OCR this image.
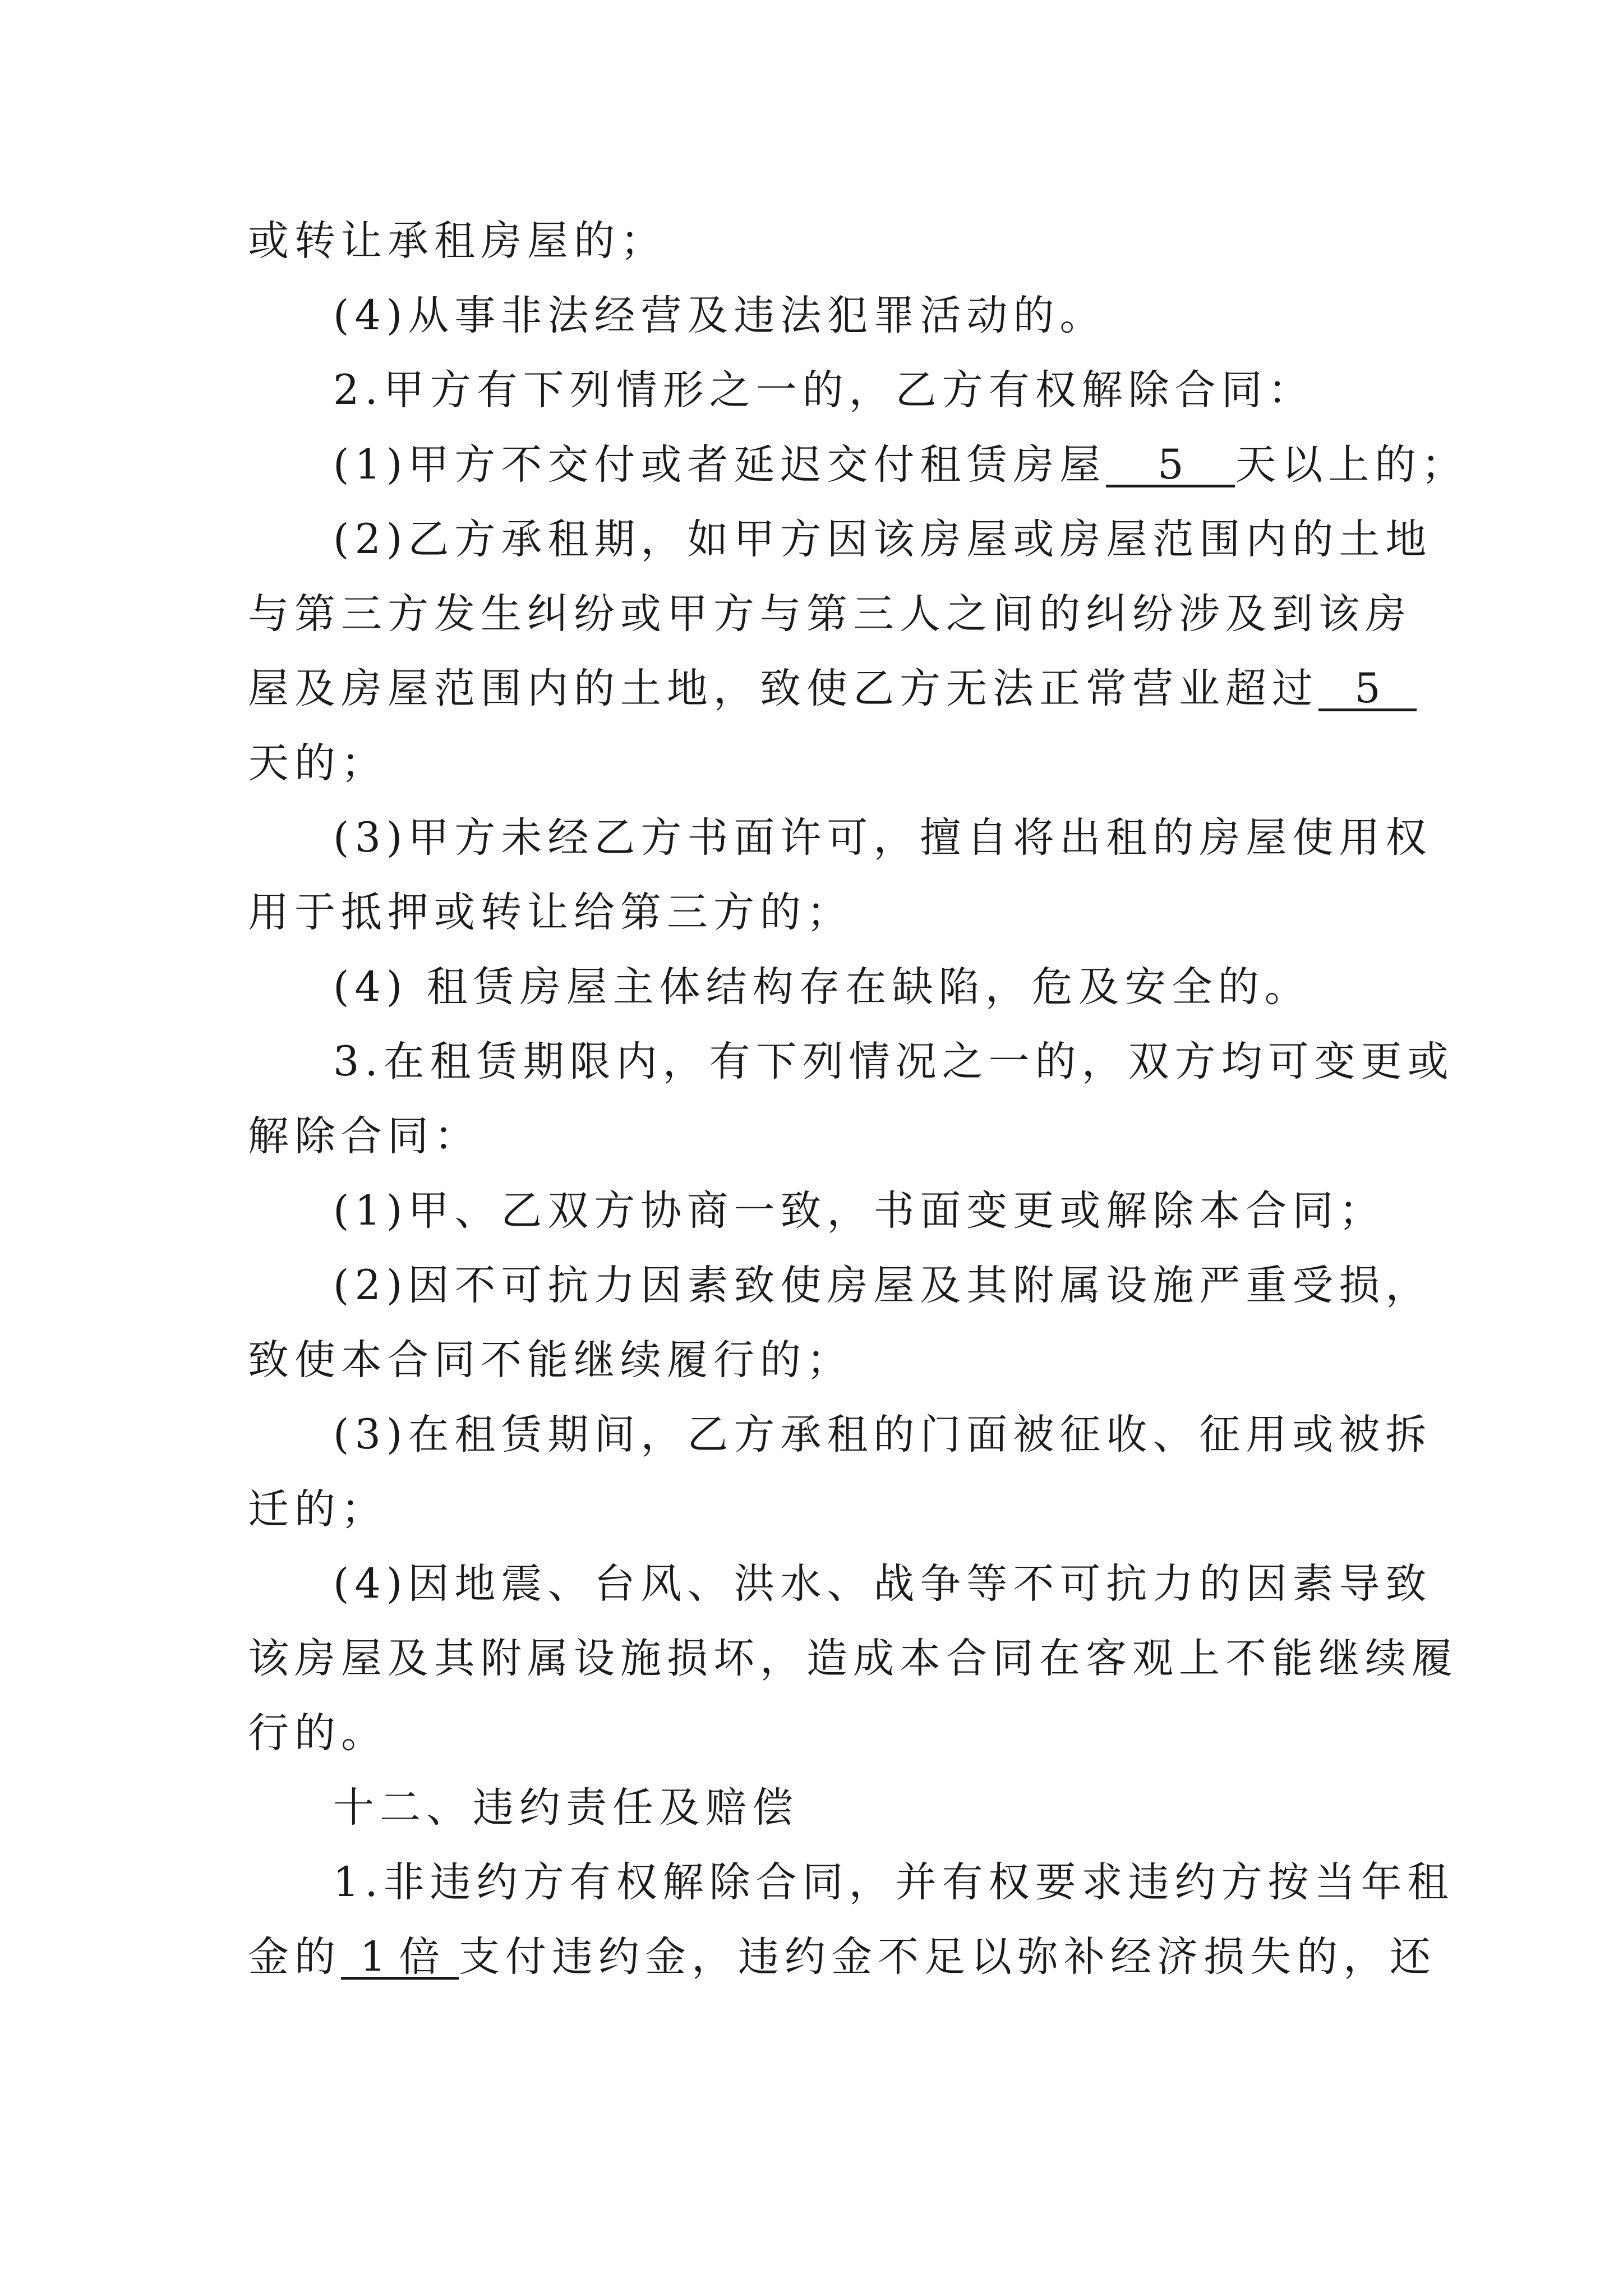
或转让承租房屋的；
(4)从事非法经营及违法犯罪活动的。
2.甲方有下列情形之一的，乙方有权解除合同：
(1)甲方不交付或者延迟交付租赁房屋 5 天以上的；
(2)乙方承租期，如甲方因该房屋或房屋范围内的土地
与第三方发生纠纷或甲方与第三人之间的纠纷涉及到该房
屋及房屋范围内的土地，致使乙方无法正常营业超过 5
天的；
(3)甲方未经乙方书面许可，擅自将出租的房屋使用权
用于抵押或转让给第三方的；
(4) 租赁房屋主体结构存在缺陷，危及安全的。
3.在租赁期限内，有下列情况之一的，双方均可变更或
解除合同：
(1)甲、乙双方协商一致，书面变更或解除本合同；
(2)因不可抗力因素致使房屋及其附属设施严重受损，
致使本合同不能继续履行的；
(3)在租赁期间，乙方承租的门面被征收、征用或被拆
迁的；
(4)因地震、台风、洪水、战争等不可抗力的因素导致
该房屋及其附属设施损坏，造成本合同在客观上不能继续履
行的。
十二、违约责任及赔偿
1.非违约方有权解除合同，并有权要求违约方按当年租
金的 1 倍 支付违约金，违约金不足以弥补经济损失的，还
